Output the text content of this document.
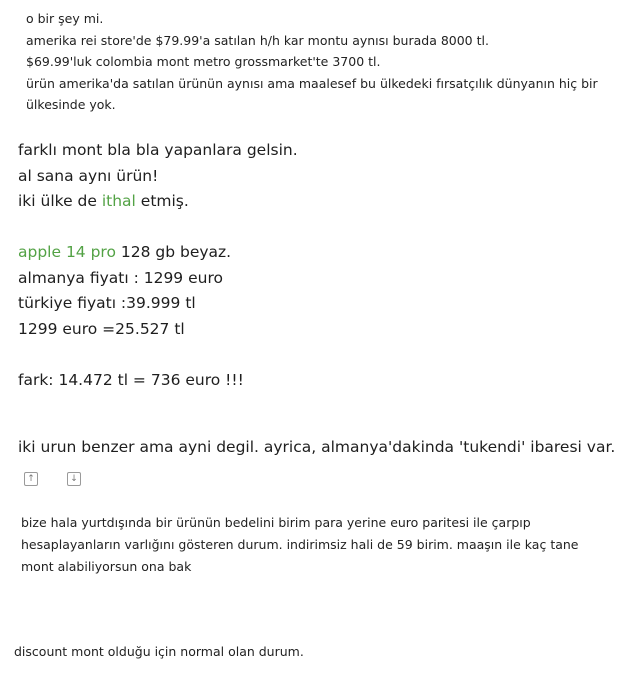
o bir şey mi.
amerika rei store'de $79.99'a satılan h/h kar montu aynısı burada 8000 tl.
$69.99'luk colombia mont metro grossmarket'te 3700 tl.
ürün amerika'da satılan ürünün aynısı ama maalesef bu ülkedeki fırsatçılık dünyanın hiç bir ülkesinde yok.
farklı mont bla bla yapanlara gelsin.
al sana aynı ürün!
iki ülke de ithal etmiş.
apple 14 pro 128 gb beyaz.
almanya fiyatı : 1299 euro
türkiye fiyatı :39.999 tl
1299 euro =25.527 tl
fark: 14.472 tl = 736 euro !!!
iki urun benzer ama ayni degil. ayrica, almanya'dakinda 'tukendi' ibaresi var.
↑	↓
bize hala yurtdışında bir ürünün bedelini birim para yerine euro paritesi ile çarpıp hesaplayanların varlığını gösteren durum. indirimsiz hali de 59 birim. maaşın ile kaç tane mont alabiliyorsun ona bak
discount mont olduğu için normal olan durum.
